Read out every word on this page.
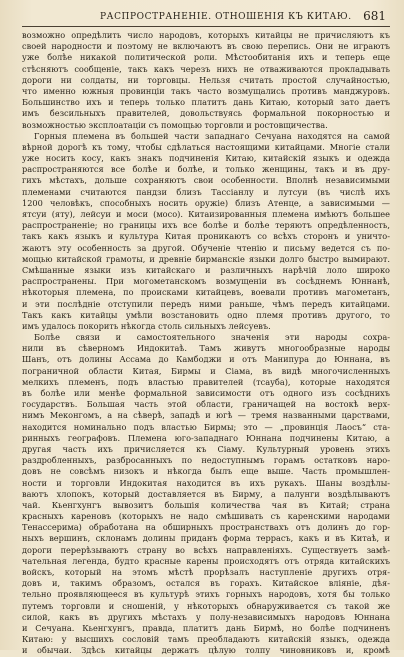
РАСПРОСТРАНЕНІЕ. ОТНОШЕНІЯ КЪ КИТАЮ. 681
возможно опредѣлить число народовъ, которыхъ китайцы не причисляютъ къ
своей народности и поэтому не включаютъ въ свою перепись. Они не играютъ
уже болѣе никакой политической роли. Мѣстообитанія ихъ и теперь еще
стѣсняютъ сообщеніе, такъ какъ черезъ нихъ не отваживаются прокладывать
дороги ни солдаты, ни торговцы. Нельзя считать простой случайностью,
что именно южныя провинціи такъ часто возмущались противъ манджуровъ.
Большинство ихъ и теперь только платитъ дань Китаю, который зато даетъ
имъ безсильныхъ правителей, довольствуясь формальной покорностью и
возможностью эксплоатаціи съ помощью торговли и ростовщичества.
Горныя племена въ большей части западнаго Сечуана находятся на самой
вѣрной дорогѣ къ тому, чтобы сдѣлаться настоящими китайцами. Многіе стали
уже носить косу, какъ знакъ подчиненія Китаю, китайскій языкъ и одежда
распространяются все болѣе и болѣе, и только женщины, такъ и въ дру-
гихъ мѣстахъ, дольше сохраняютъ свои особенности. Вполнѣ независимыми
племенами считаются пандзи близъ Тассіанлу и лутсуи (въ числѣ ихъ
1200 человѣкъ, способныхъ носить оружіе) близъ Атенце, а зависимыми —
ятсуи (яту), лейсуи и моси (мосо). Китаизированныя племена имѣютъ большее
распространеніе; но границы ихъ все болѣе и болѣе теряютъ опредѣленность,
такъ какъ языкъ и культура Китая проникаютъ со всѣхъ сторонъ и уничто-
жаютъ эту особенность за другой. Обученіе чтенію и письму ведется съ по-
мощью китайской грамоты, и древніе бирманскіе языки долго быстро вымирают.
Смѣшанные языки изъ китайскаго и различныхъ нарѣчій лоло широко
распространены. При могометанскомъ возмущеніи въ сосѣднемъ Юннанѣ,
нѣкоторыя племена, по происками китайцевъ, воевали противъ магометанъ,
и эти послѣдніе отступили передъ ними раньше, чѣмъ передъ китайцами.
Такъ какъ китайцы умѣли возстановить одно племя противъ другого, то
имъ удалось покорить нѣкогда столь сильныхъ лейсуевъ.
Болѣе связи и самостоятельного значенія эти народы сохра-
нили въ сѣверномъ Индокитаѣ. Тамъ живутъ многообразные народы
Шанъ, отъ долины Ассама до Камбоджи и отъ Манипура до Юннана, въ
пограничной области Китая, Бирмы и Сіама, въ видѣ многочисленныхъ
мелкихъ племенъ, подъ властью правителей (тсауба), которые находятся
въ болѣе или менѣе формальной зависимости отъ одного изъ сосѣднихъ
государствъ. Большая часть этой области, граничащей на востокѣ верх-
нимъ Меконгомъ, а на сѣверѣ, западѣ и югѣ — тремя названными царствами,
находится номинально подъ властью Бирмы; это — „провинція Лаосъ“ ста-
ринныхъ географовъ. Племена юго-западнаго Юннана подчинены Китаю, а
другая часть ихъ причисляется къ Сіаму. Культурный уровень этихъ
раздробленныхъ, разбросанныхъ по недоступнымъ горамъ остатковъ наро-
довъ не совсѣмъ низокъ и нѣкогда былъ еще выше. Часть промышлен-
ности и торговли Индокитая находится въ ихъ рукахъ. Шаны воздѣлы-
ваютъ хлопокъ, который доставляется въ Бирму, а палунги воздѣлываютъ
чай. Кьенгхунгъ вывозитъ большія количества чая въ Китай; страна
красныхъ кареновъ (которыхъ не надо смѣшивать съ каренскими народами
Тенассерима) обработана на обширныхъ пространствахъ отъ долинъ до гор-
ныхъ вершинъ, склонамъ долины приданъ форма террасъ, какъ и въ Китаѣ, и
дороги перерѣзываютъ страну во всѣхъ направленіяхъ. Существуетъ замѣ-
чательная легенда, будто красные карены происходятъ отъ отряда китайскихъ
войскъ, который на этомъ мѣстѣ прорѣзалъ наступленіе другихъ отря-
довъ и, такимъ образомъ, остался въ горахъ. Китайское вліяніе, дѣя-
тельно проявляющееся въ культурѣ этихъ горныхъ народовъ, хотя бы только
путемъ торговли и сношеній, у нѣкоторыхъ обнаруживается съ такой же
силой, какъ въ другихъ мѣстахъ у полу-независимыхъ народовъ Юннана
и Сечуана. Кьенгхунгъ, правда, платитъ дань Бирмѣ, но болѣе подчиненъ
Китаю: у высшихъ сословій тамъ преобладаютъ китайскій языкъ, одежда
и обычаи. Здѣсь китайцы держатъ цѣлую толпу чиновниковъ и, кромѣ
